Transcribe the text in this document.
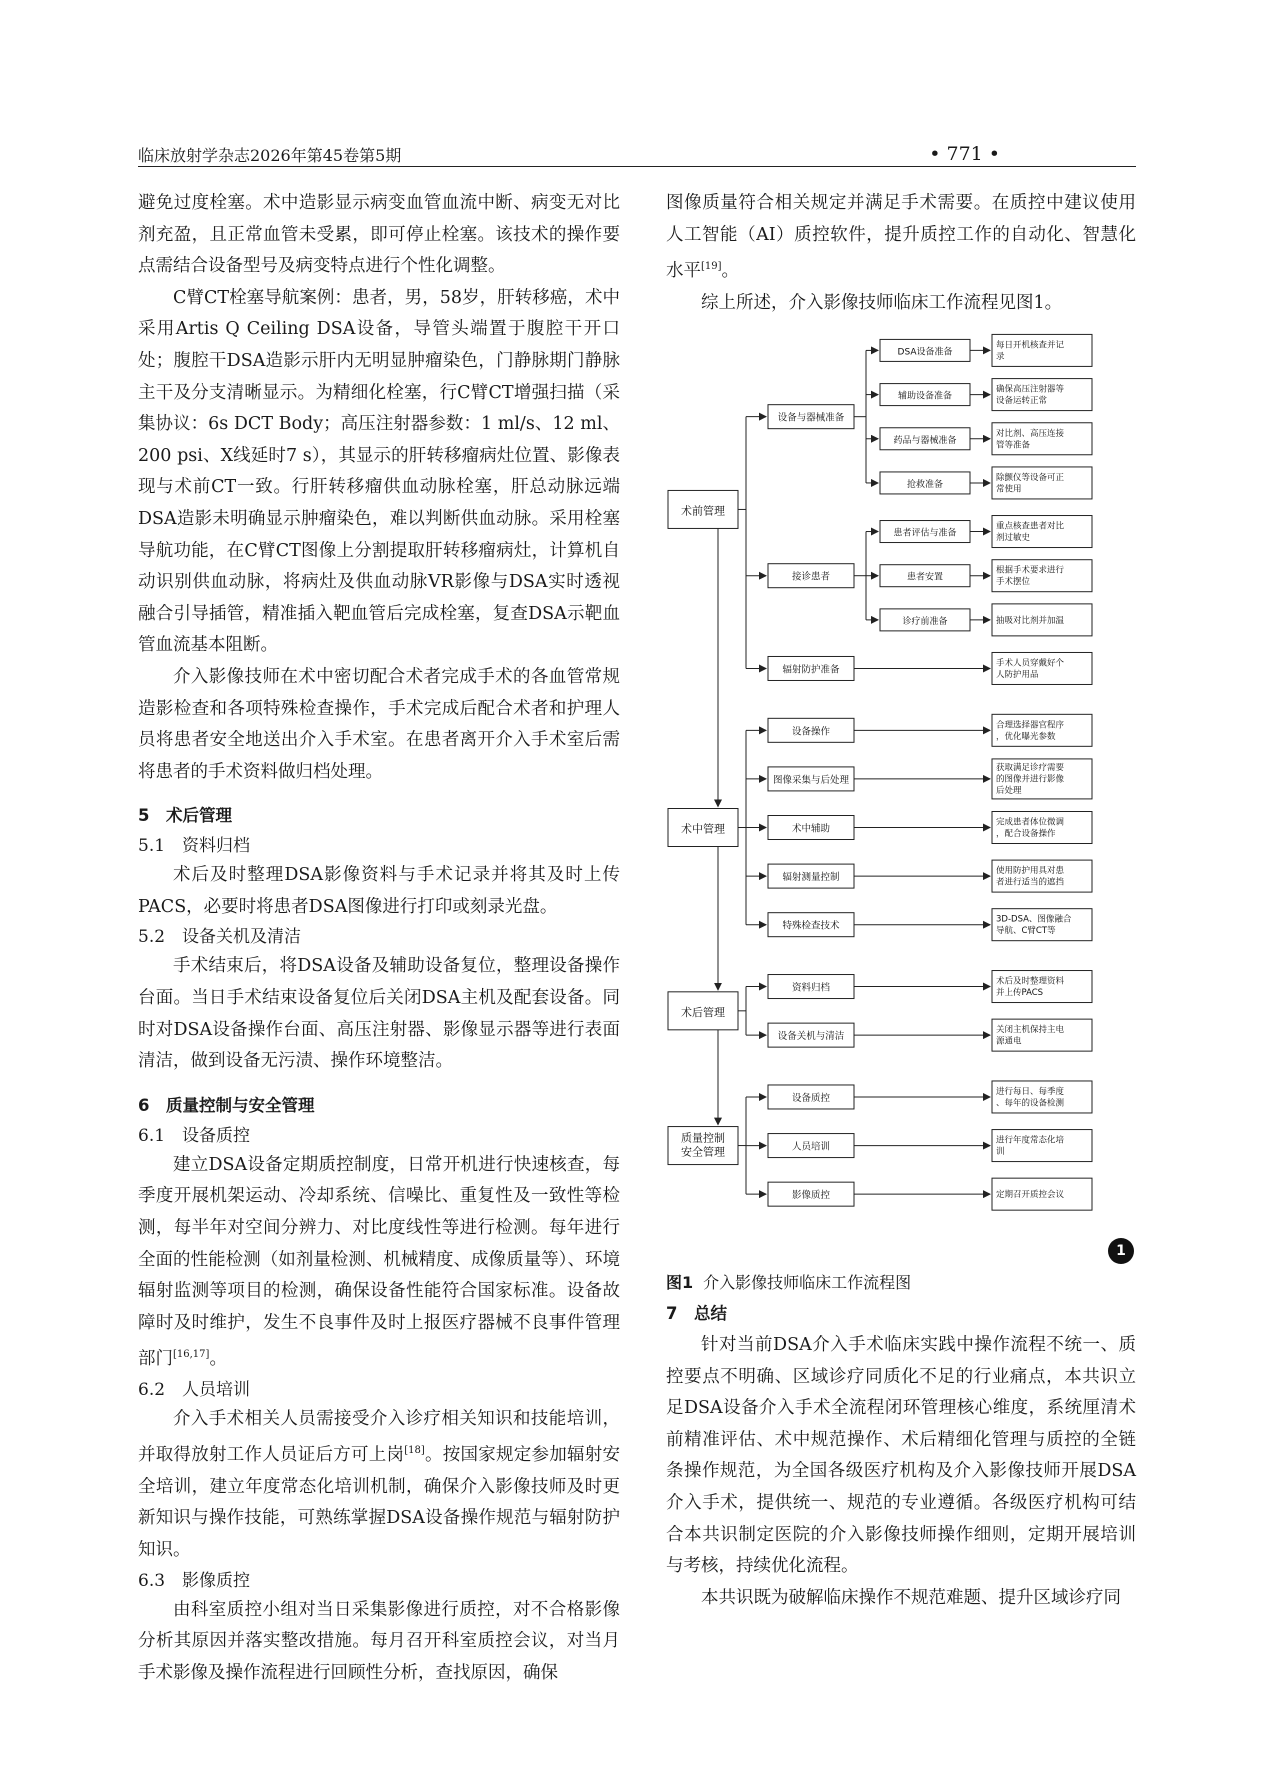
临床放射学杂志2026年第45卷第5期	• 771 •

避免过度栓塞。术中造影显示病变血管血流中断、病变无对比剂充盈，且正常血管未受累，即可停止栓塞。该技术的操作要点需结合设备型号及病变特点进行个性化调整。

C臂CT栓塞导航案例：患者，男，58岁，肝转移癌，术中采用Artis Q Ceiling DSA设备，导管头端置于腹腔干开口处；腹腔干DSA造影示肝内无明显肿瘤染色，门静脉期门静脉主干及分支清晰显示。为精细化栓塞，行C臂CT增强扫描（采集协议：6s DCT Body；高压注射器参数：1 ml/s、12 ml、200 psi、X线延时7 s），其显示的肝转移瘤病灶位置、影像表现与术前CT一致。行肝转移瘤供血动脉栓塞，肝总动脉远端DSA造影未明确显示肿瘤染色，难以判断供血动脉。采用栓塞导航功能，在C臂CT图像上分割提取肝转移瘤病灶，计算机自动识别供血动脉，将病灶及供血动脉VR影像与DSA实时透视融合引导插管，精准插入靶血管后完成栓塞，复查DSA示靶血管血流基本阻断。

介入影像技师在术中密切配合术者完成手术的各血管常规造影检查和各项特殊检查操作，手术完成后配合术者和护理人员将患者安全地送出介入手术室。在患者离开介入手术室后需将患者的手术资料做归档处理。

5　术后管理
5.1　资料归档

术后及时整理DSA影像资料与手术记录并将其及时上传PACS，必要时将患者DSA图像进行打印或刻录光盘。

5.2　设备关机及清洁

手术结束后，将DSA设备及辅助设备复位，整理设备操作台面。当日手术结束设备复位后关闭DSA主机及配套设备。同时对DSA设备操作台面、高压注射器、影像显示器等进行表面清洁，做到设备无污渍、操作环境整洁。

6　质量控制与安全管理
6.1　设备质控

建立DSA设备定期质控制度，日常开机进行快速核查，每季度开展机架运动、冷却系统、信噪比、重复性及一致性等检测，每半年对空间分辨力、对比度线性等进行检测。每年进行全面的性能检测（如剂量检测、机械精度、成像质量等）、环境辐射监测等项目的检测，确保设备性能符合国家标准。设备故障时及时维护，发生不良事件及时上报医疗器械不良事件管理部门[16,17]。

6.2　人员培训

介入手术相关人员需接受介入诊疗相关知识和技能培训，并取得放射工作人员证后方可上岗[18]。按国家规定参加辐射安全培训，建立年度常态化培训机制，确保介入影像技师及时更新知识与操作技能，可熟练掌握DSA设备操作规范与辐射防护知识。

6.3　影像质控

由科室质控小组对当日采集影像进行质控，对不合格影像分析其原因并落实整改措施。每月召开科室质控会议，对当月手术影像及操作流程进行回顾性分析，查找原因，确保

图像质量符合相关规定并满足手术需要。在质控中建议使用人工智能（AI）质控软件，提升质控工作的自动化、智慧化水平[19]。

综上所述，介入影像技师临床工作流程见图1。

术前管理
设备与器械准备
DSA设备准备
每日开机核查并记录
辅助设备准备
确保高压注射器等设备运转正常
药品与器械准备
对比剂、高压连接管等准备
抢救准备
除颤仪等设备可正常使用
接诊患者
患者评估与准备
重点核查患者对比剂过敏史
患者安置
根据手术要求进行手术摆位
诊疗前准备	抽吸对比剂并加温
辐射防护准备
手术人员穿戴好个人防护用品
术中管理
设备操作
合理选择器官程序，优化曝光参数
图像采集与后处理
获取满足诊疗需要的图像并进行影像后处理
术中辅助
完成患者体位微调，配合设备操作
辐射测量控制
使用防护用具对患者进行适当的遮挡
特殊检查技术
3D-DSA、图像融合导航、C臂CT等
术后管理
资料归档
术后及时整理资料并上传PACS
设备关机与清洁
关闭主机保持主电源通电
质量控制安全管理
设备质控
进行每日、每季度、每年的设备检测
人员培训
进行年度常态化培训
影像质控	定期召开质控会议
1
图1 介入影像技师临床工作流程图
7　总结

针对当前DSA介入手术临床实践中操作流程不统一、质控要点不明确、区域诊疗同质化不足的行业痛点，本共识立足DSA设备介入手术全流程闭环管理核心维度，系统厘清术前精准评估、术中规范操作、术后精细化管理与质控的全链条操作规范，为全国各级医疗机构及介入影像技师开展DSA介入手术，提供统一、规范的专业遵循。各级医疗机构可结合本共识制定医院的介入影像技师操作细则，定期开展培训与考核，持续优化流程。

本共识既为破解临床操作不规范难题、提升区域诊疗同
